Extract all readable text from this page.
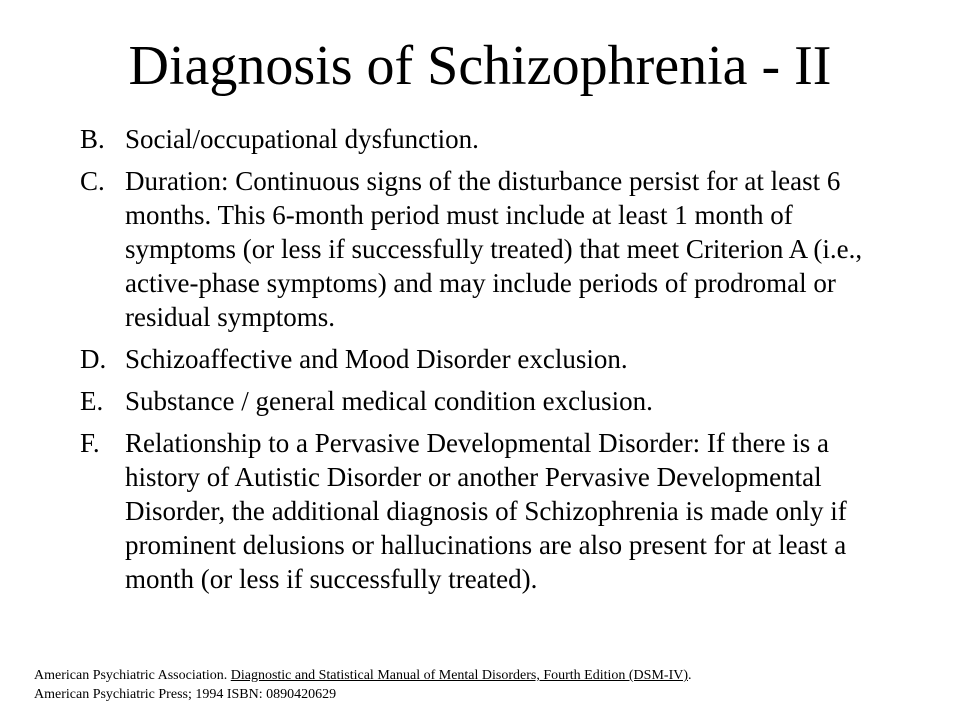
Diagnosis of Schizophrenia - II
B. Social/occupational dysfunction.
C. Duration: Continuous signs of the disturbance persist for at least 6 months. This 6-month period must include at least 1 month of symptoms (or less if successfully treated) that meet Criterion A (i.e., active-phase symptoms) and may include periods of prodromal or residual symptoms.
D. Schizoaffective and Mood Disorder exclusion.
E. Substance / general medical condition exclusion.
F. Relationship to a Pervasive Developmental Disorder: If there is a history of Autistic Disorder or another Pervasive Developmental Disorder, the additional diagnosis of Schizophrenia is made only if prominent delusions or hallucinations are also present for at least a month (or less if successfully treated).
American Psychiatric Association. Diagnostic and Statistical Manual of Mental Disorders, Fourth Edition (DSM-IV).
American Psychiatric Press; 1994 ISBN: 0890420629
